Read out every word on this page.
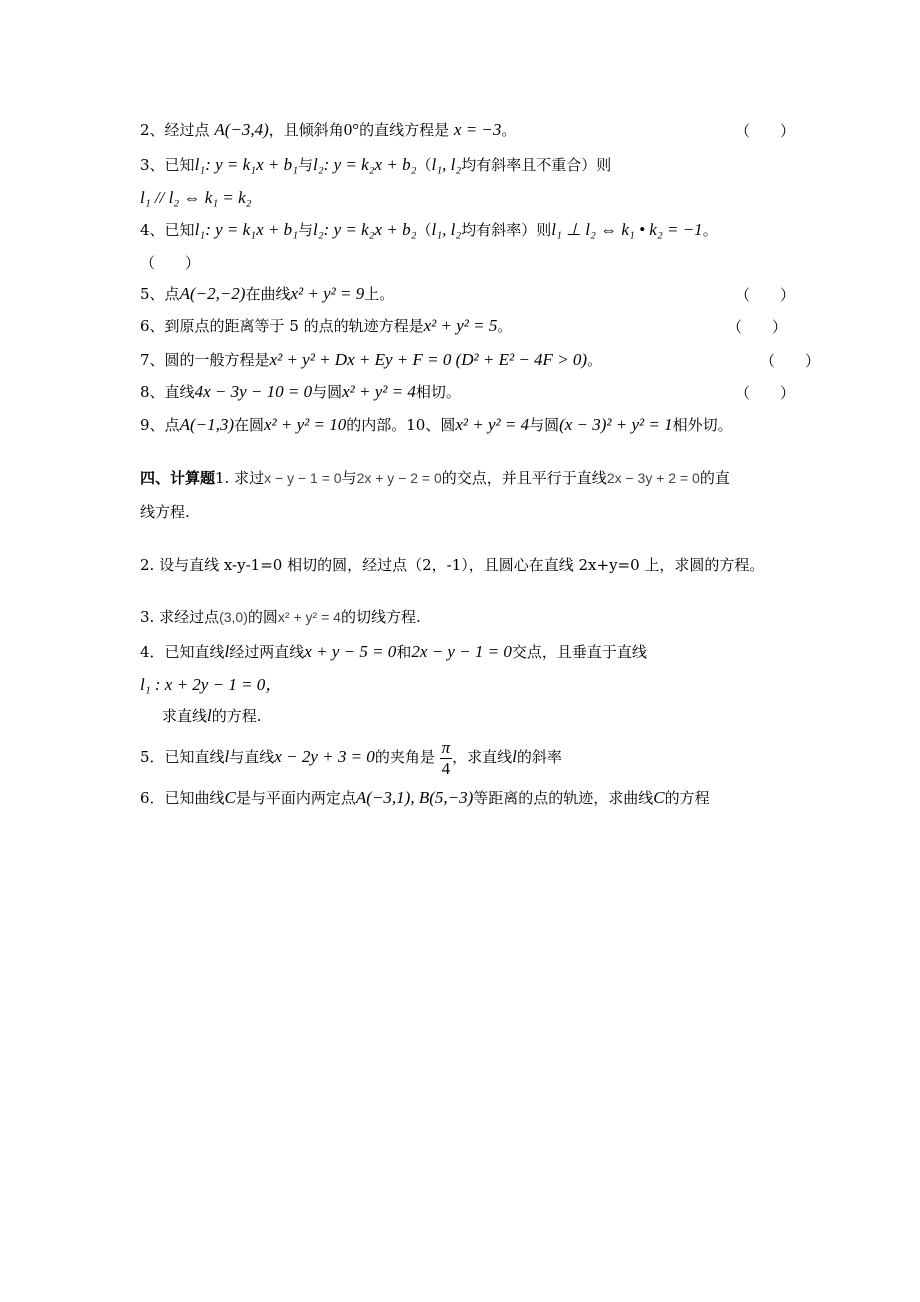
2、经过点 A(−3,4)，且倾斜角0°的直线方程是 x = −3。	（　　）
3、已知l₁: y = k₁x + b₁与l₂: y = k₂x + b₂（l₁, l₂均有斜率且不重合）则
l₁ // l₂ ⇔ k₁ = k₂
4、已知l₁: y = k₁x + b₁与l₂: y = k₂x + b₂（l₁, l₂均有斜率）则l₁ ⊥ l₂ ⇔ k₁ • k₂ = −1。
（　　）
5、点A(−2,−2)在曲线x² + y² = 9上。	（　　）
6、到原点的距离等于 5 的点的轨迹方程是x² + y² = 5。	（　　）
7、圆的一般方程是x² + y² + Dx + Ey + F = 0 (D² + E² − 4F > 0)。	（　　）
8、直线4x − 3y − 10 = 0与圆x² + y² = 4相切。	（　　）
9、点A(−1,3)在圆x² + y² = 10的内部。10、圆x² + y² = 4与圆(x − 3)² + y² = 1相外切。
四、计算题1. 求过x − y − 1 = 0与2x + y − 2 = 0的交点，并且平行于直线2x − 3y + 2 = 0的直
线方程.
2. 设与直线 x-y-1=0 相切的圆，经过点（2，-1），且圆心在直线 2x+y=0 上，求圆的方程。
3. 求经过点(3,0)的圆x² + y² = 4的切线方程.
4．已知直线l经过两直线x + y − 5 = 0和2x − y − 1 = 0交点，且垂直于直线
l₁ : x + 2y − 1 = 0，
求直线l的方程.
5．已知直线l与直线x − 2y + 3 = 0的夹角是 $\frac{\pi}{4}$ ，求直线l的斜率
6．已知曲线C是与平面内两定点A(−3,1), B(5,−3)等距离的点的轨迹，求曲线C的方程
